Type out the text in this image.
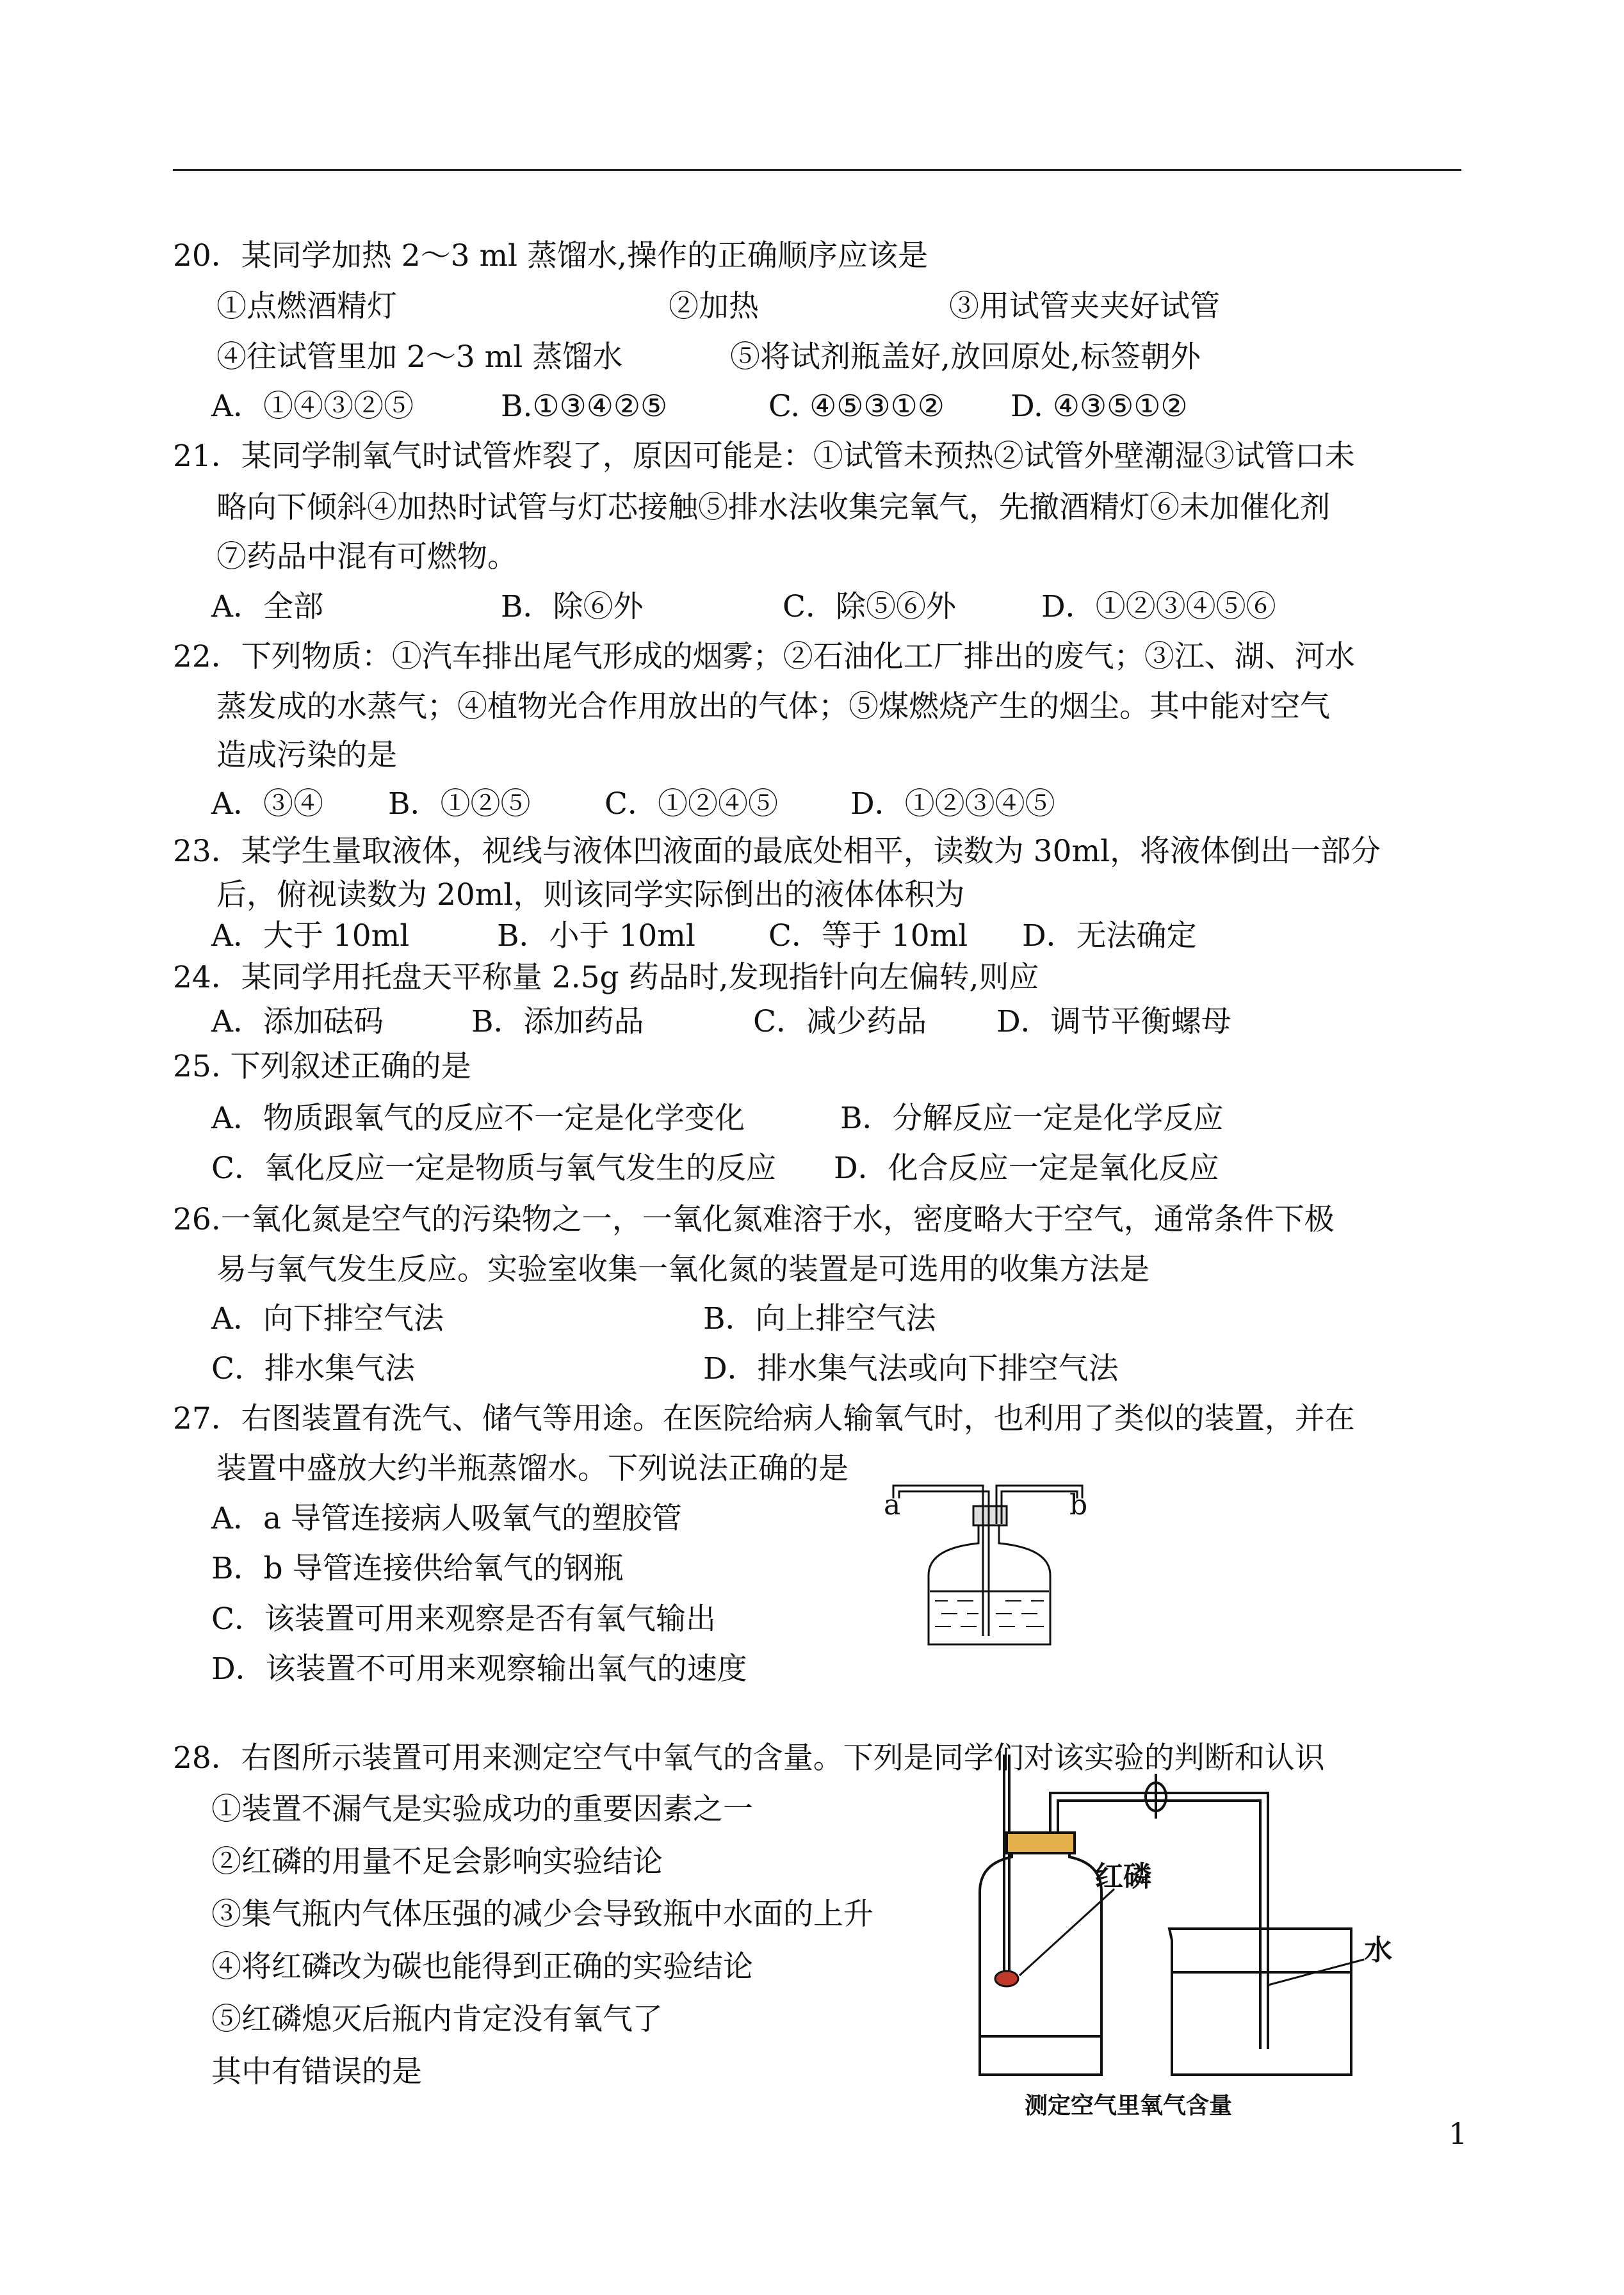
20．某同学加热 2～3 ml 蒸馏水,操作的正确顺序应该是
①点燃酒精灯	②加热	③用试管夹夹好试管
④往试管里加 2～3 ml 蒸馏水	⑤将试剂瓶盖好,放回原处,标签朝外
A．①④③②⑤	B.①③④②⑤	C. ④⑤③①② D. ④③⑤①②
21．某同学制氧气时试管炸裂了，原因可能是：①试管未预热②试管外壁潮湿③试管口未
略向下倾斜④加热时试管与灯芯接触⑤排水法收集完氧气，先撤酒精灯⑥未加催化剂
⑦药品中混有可燃物。
A．全部	B．除⑥外	C．除⑤⑥外	D．①②③④⑤⑥
22．下列物质：①汽车排出尾气形成的烟雾；②石油化工厂排出的废气；③江、湖、河水
蒸发成的水蒸气；④植物光合作用放出的气体；⑤煤燃烧产生的烟尘。其中能对空气
造成污染的是
A．③④ B．①②⑤ C．①②④⑤ D．①②③④⑤
23．某学生量取液体，视线与液体凹液面的最底处相平，读数为 30ml，将液体倒出一部分
后，俯视读数为 20ml，则该同学实际倒出的液体体积为
A．大于 10ml	B．小于 10ml C．等于 10ml D．无法确定
24．某同学用托盘天平称量 2.5g 药品时,发现指针向左偏转,则应
A．添加砝码	B．添加药品	C．减少药品 D．调节平衡螺母
25. 下列叙述正确的是
A．物质跟氧气的反应不一定是化学变化	B．分解反应一定是化学反应
C．氧化反应一定是物质与氧气发生的反应 D．化合反应一定是氧化反应
26.一氧化氮是空气的污染物之一，一氧化氮难溶于水，密度略大于空气，通常条件下极
易与氧气发生反应。实验室收集一氧化氮的装置是可选用的收集方法是
A．向下排空气法	B．向上排空气法
C．排水集气法	D．排水集气法或向下排空气法
27．右图装置有洗气、储气等用途。在医院给病人输氧气时，也利用了类似的装置，并在
装置中盛放大约半瓶蒸馏水。下列说法正确的是
A．a 导管连接病人吸氧气的塑胶管
B．b 导管连接供给氧气的钢瓶
C．该装置可用来观察是否有氧气输出
D．该装置不可用来观察输出氧气的速度
a	b
28．右图所示装置可用来测定空气中氧气的含量。下列是同学们对该实验的判断和认识
①装置不漏气是实验成功的重要因素之一
②红磷的用量不足会影响实验结论
③集气瓶内气体压强的减少会导致瓶中水面的上升
④将红磷改为碳也能得到正确的实验结论
⑤红磷熄灭后瓶内肯定没有氧气了
其中有错误的是
红磷
水
测定空气里氧气含量
1
